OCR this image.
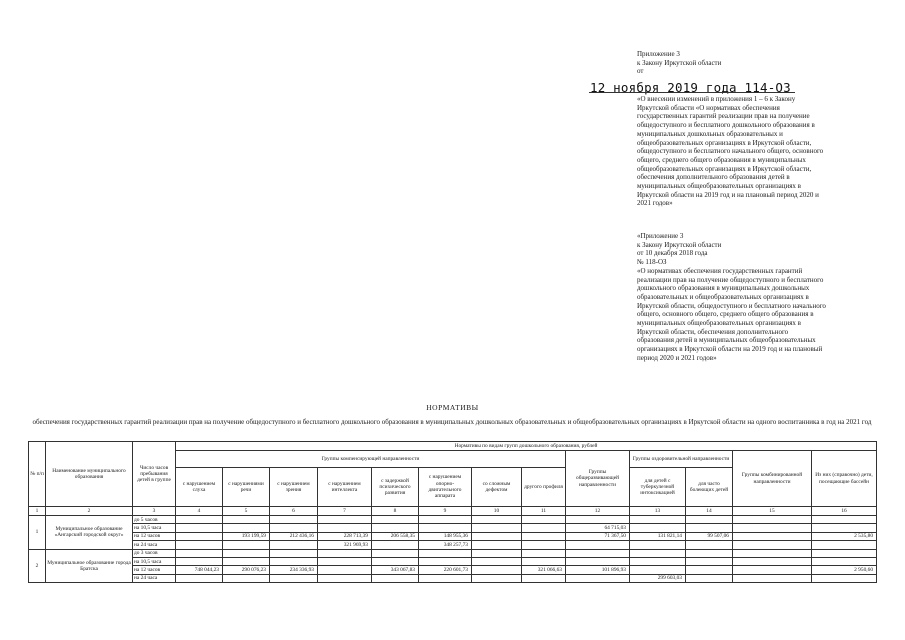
Приложение 3

к Закону Иркутской области

от

12 ноября 2019 года 114-ОЗ

«О внесении изменений в приложения 1 – 6 к Закону

Иркутской области «О нормативах обеспечения

государственных гарантий реализации прав на получение

общедоступного и бесплатного дошкольного образования в

муниципальных дошкольных образовательных и

общеобразовательных организациях в Иркутской области,

общедоступного и бесплатного начального общего, основного

общего, среднего общего образования в муниципальных

общеобразовательных организациях в Иркутской области,

обеспечения дополнительного образования детей в

муниципальных общеобразовательных организациях в

Иркутской области на 2019 год и на плановый период 2020 и

2021 годов»

«Приложение 3

к Закону Иркутской области

от 10 декабря 2018 года

№ 118-ОЗ

«О нормативах обеспечения государственных гарантий

реализации прав на получение общедоступного и бесплатного

дошкольного образования в муниципальных дошкольных

образовательных и общеобразовательных организациях в

Иркутской области, общедоступного и бесплатного начального

общего, основного общего, среднего общего образования в

муниципальных общеобразовательных организациях в

Иркутской области, обеспечения дополнительного

образования детей в муниципальных общеобразовательных

организациях в Иркутской области на 2019 год и на плановый

период 2020 и 2021 годов»

НОРМАТИВЫ
обеспечения государственных гарантий реализации прав на получение общедоступного и бесплатного дошкольного образования в муниципальных дошкольных образовательных и общеобразовательных организациях в Иркутской области на одного воспитанника в год на 2021 год
№ п/п	Наименование муниципального образования	Число часов пребывания детей в группе	Нормативы по видам групп дошкольного образования, рублей												
			Группы компенсирующей направленности								Группы общеразвивающей направленности	Группы оздоровительной направленности		Группы комбинированной направленности	Из них (справочно) дети, посещающие бассейн
			с нарушением слуха	с нарушениями речи	с нарушением зрения	с нарушением интеллекта	с задержкой психического развития	с нарушением опорно-двигательного аппарата	со сложным дефектом	другого профиля		для детей с туберкулезной интоксикацией	для часто болеющих детей		
1	2	3	4	5	6	7	8	9	10	11	12	13	14	15	16
1	Муниципальное образование «Ангарский городской округ»	до 5 часов													
		на 10,5 часа									64 715,03				
		на 12 часов		193 199,59	212 436,16	228 713,39	206 558,35	148 955,36			71 367,50	131 821,14	99 507,06		2 535,80
		на 24 часа				321 969,93		348 257,73							
2	Муниципальное образование города Братска	до 3 часов													
		на 10,5 часа													
		на 12 часов	748 044,23	290 076,23	234 336,93		343 067,83	220 601,73		321 066,63	101 896,93				2 950,60
		на 24 часа										299 603,03			
